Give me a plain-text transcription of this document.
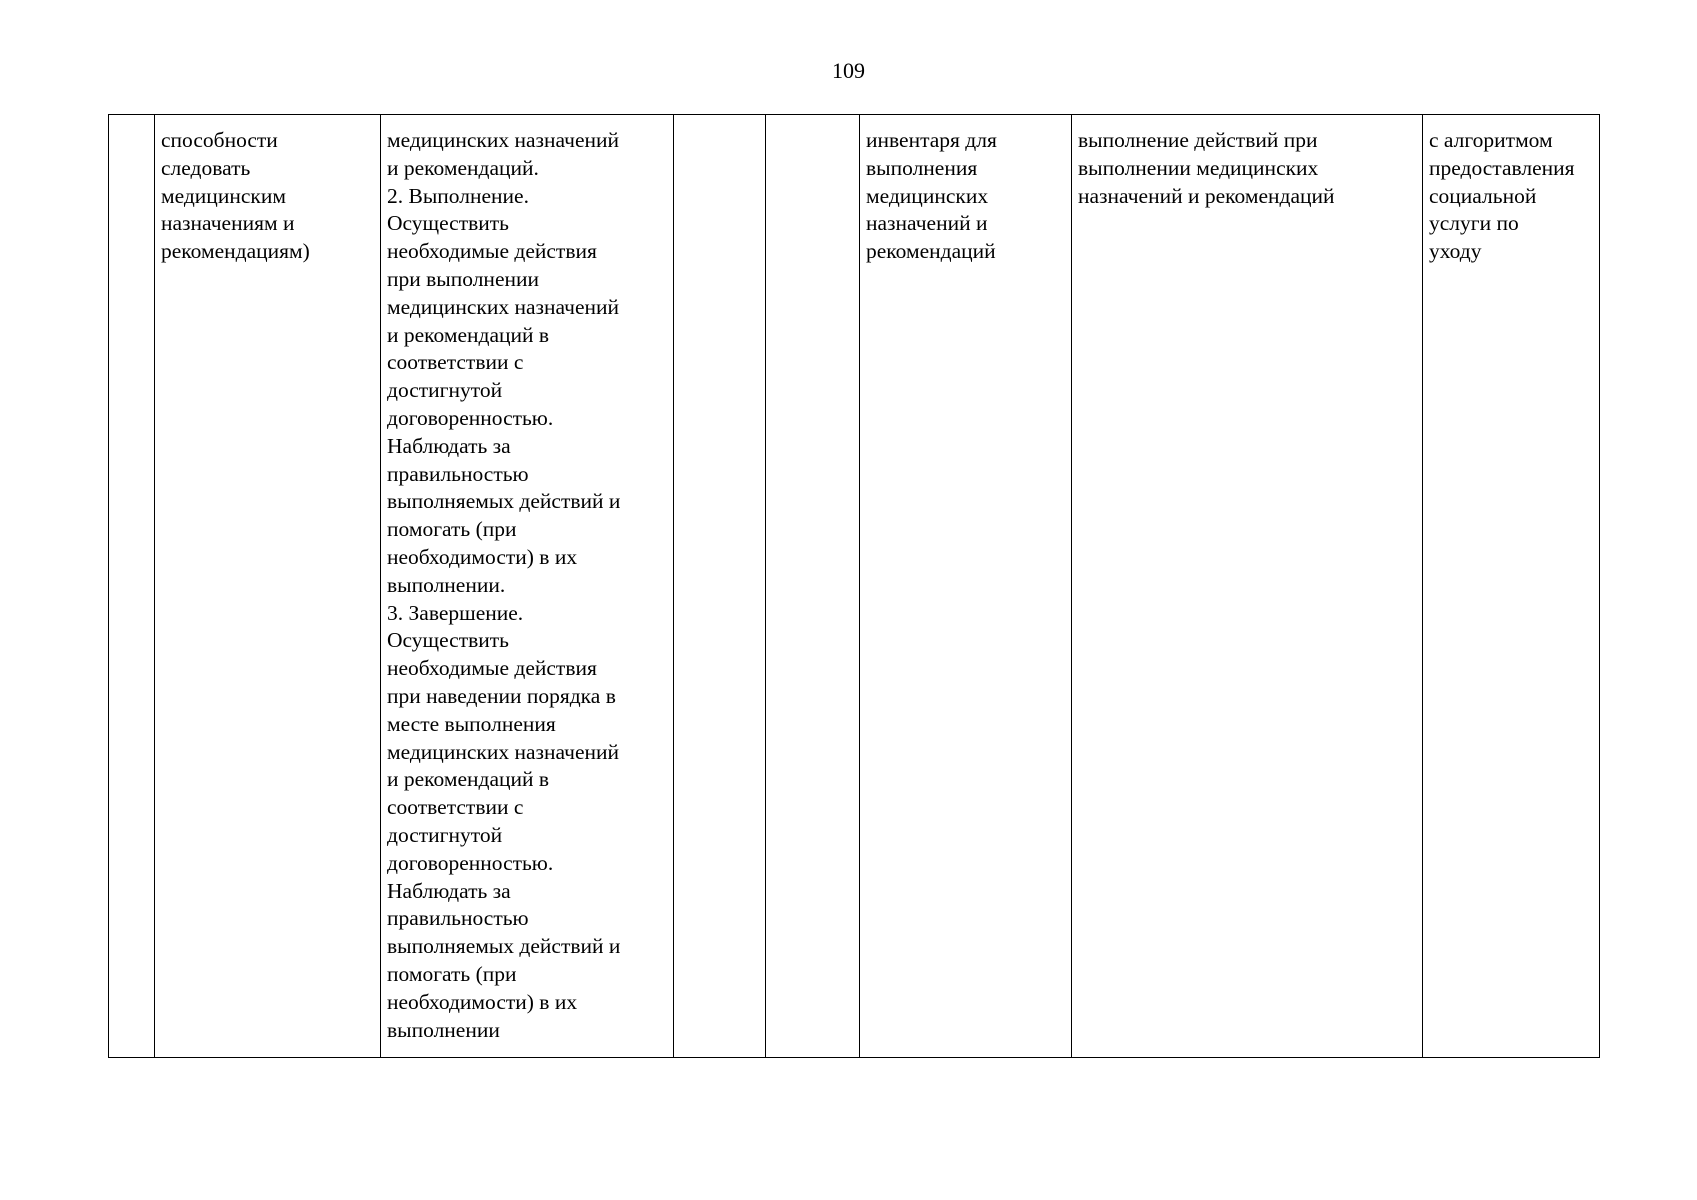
109
	способности
следовать
медицинским
назначениям и
рекомендациям)	медицинских назначений
и рекомендаций.
2. Выполнение.
Осуществить
необходимые действия
при выполнении
медицинских назначений
и рекомендаций в
соответствии с
достигнутой
договоренностью.
Наблюдать за
правильностью
выполняемых действий и
помогать (при
необходимости) в их
выполнении.
3. Завершение.
Осуществить
необходимые действия
при наведении порядка в
месте выполнения
медицинских назначений
и рекомендаций в
соответствии с
достигнутой
договоренностью.
Наблюдать за
правильностью
выполняемых действий и
помогать (при
необходимости) в их
выполнении			инвентаря для
выполнения
медицинских
назначений и
рекомендаций	выполнение действий при
выполнении медицинских
назначений и рекомендаций	с алгоритмом
предоставления
социальной
услуги по
уходу
